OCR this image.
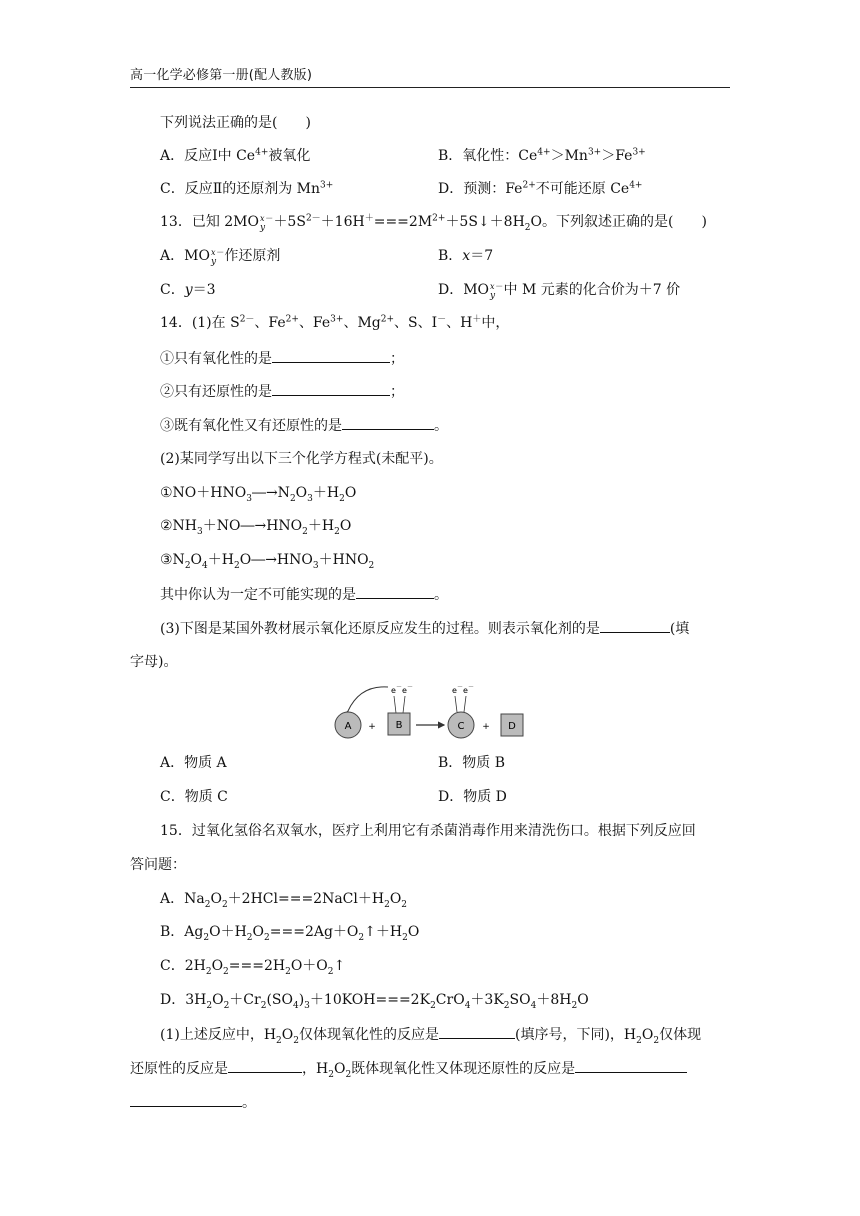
高一化学必修第一册(配人教版)
下列说法正确的是(　　)
A．反应Ⅰ中 $Ce^{4+}$被氧化	B．氧化性：$Ce^{4+}>Mn^{3+}>Fe^{3+}$
C．反应Ⅱ的还原剂为 $Mn^{3+}$	D．预测：$Fe^{2+}$不可能还原 $Ce^{4+}$
13．已知 2MO x－
$y +5S^{2-}+16H^+===2M^{2+}+5S↓+8H_2O$。下列叙述正确的是(　　)
A．MO x－
y 作还原剂	B．x＝7
C．y＝3	D．MO x－
y 中 M 元素的化合价为＋7 价
14．(1)在 $S^{2-}$、$Fe^{2+}$、$Fe^{3+}$、$Mg^{2+}$、S、I－、H＋中，
①只有氧化性的是	；
②只有还原性的是	；
③既有氧化性又有还原性的是	。
(2)某同学写出以下三个化学方程式(未配平)。
$①NO+HNO_3―\to N_2O_3+H_2O$
$②NH_3+NO―\to HNO_2+H_2O$
$③N_2O_4+H_2O―\to HNO_3+HNO_2$
其中你认为一定不可能实现的是	。
(3)下图是某国外教材展示氧化还原反应发生的过程。则表示氧化剂的是	(填
字母)。
A +
e － e －
B
e － e －
C + D
A．物质 A	B．物质 B
C．物质 C	D．物质 D
15．过氧化氢俗名双氧水，医疗上利用它有杀菌消毒作用来清洗伤口。根据下列反应回
答问题：
A．$Na_2O_2+2HCl===2NaCl+H_2O_2$
B．$Ag_2O+H_2O_2===2Ag+O_2↑+H_2O$
C．$2H_2O_2===2H_2O+O_2↑$
D．$3H_2O_2+Cr_2(SO_4)_3+10KOH===2K_2CrO_4+3K_2SO_4+8H_2O$
(1)上述反应中，$H_2O_2$仅体现氧化性的反应是	(填序号，下同)，$H_2O_2$仅体现
还原性的反应是	，$H_2O_2$既体现氧化性又体现还原性的反应是
。
